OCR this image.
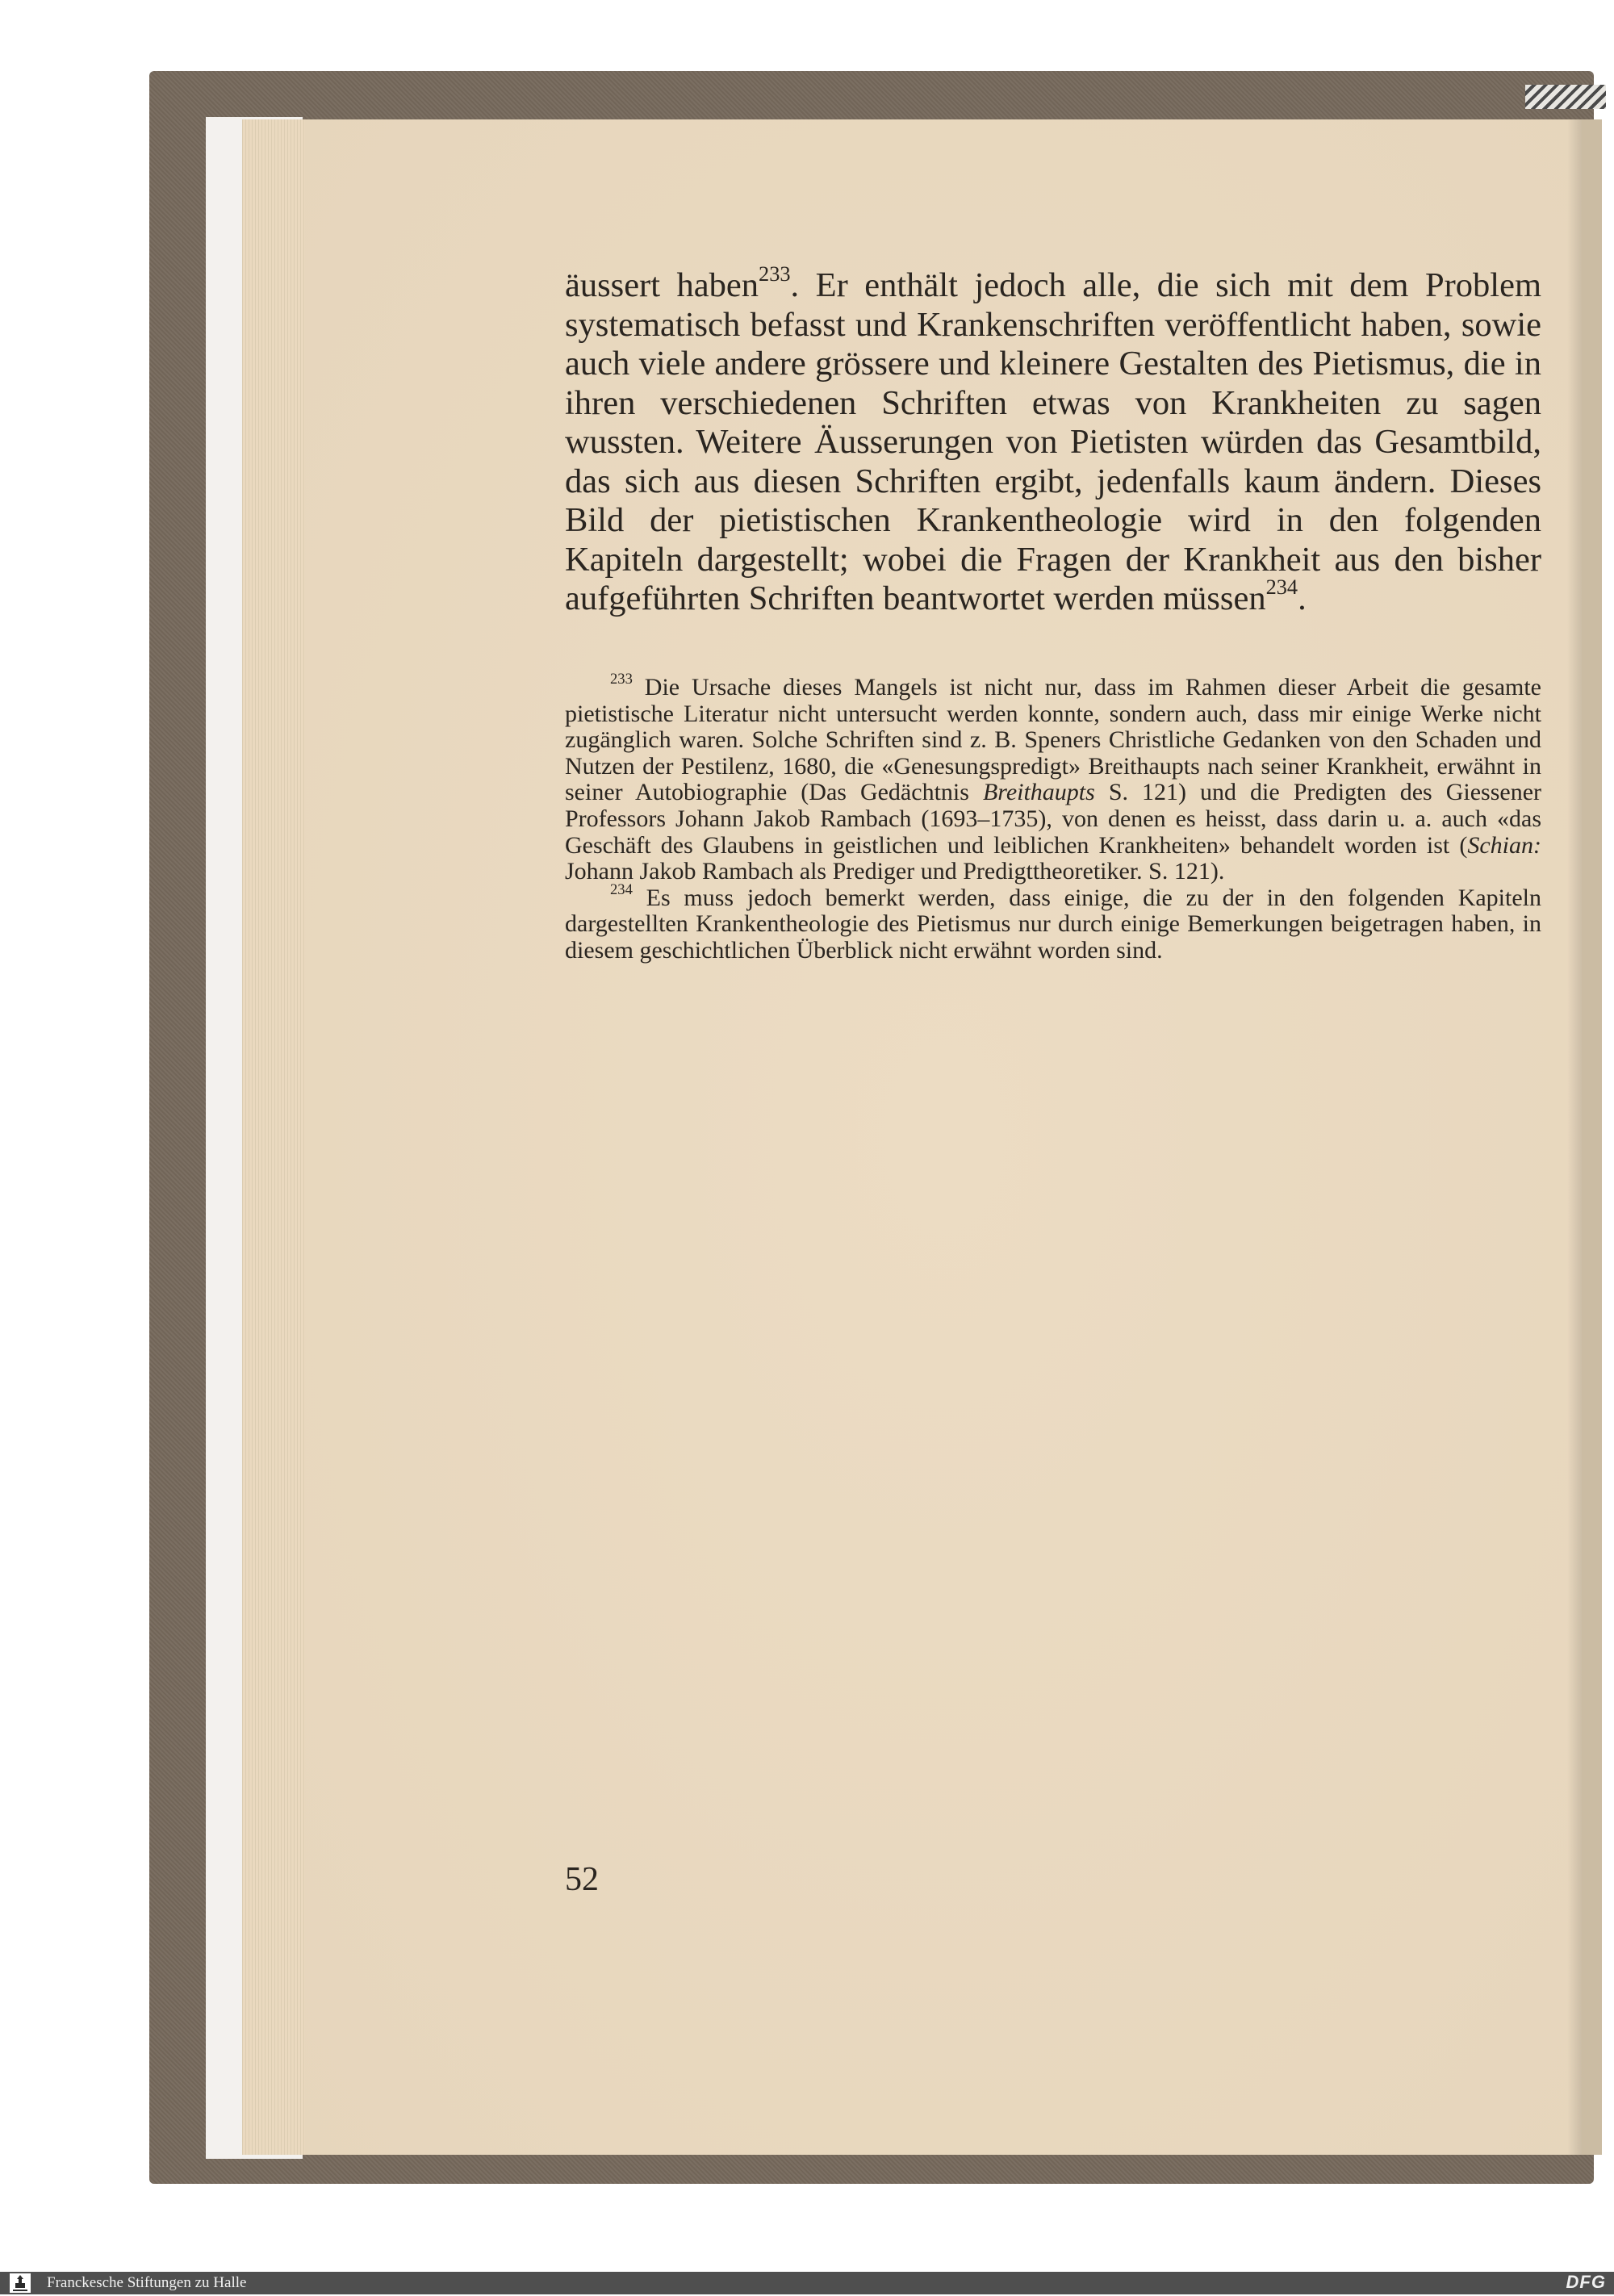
äussert haben$^{233}$. Er enthält jedoch alle, die sich mit dem Problem systematisch befasst und Krankenschriften veröffentlicht haben, sowie auch viele andere grössere und kleinere Gestalten des Pietismus, die in ihren verschiedenen Schriften etwas von Krankheiten zu sagen wussten. Weitere Äusserungen von Pietisten würden das Gesamtbild, das sich aus diesen Schriften ergibt, jedenfalls kaum ändern. Dieses Bild der pietistischen Krankentheologie wird in den folgenden Kapiteln dargestellt; wobei die Fragen der Krankheit aus den bisher aufgeführten Schriften beantwortet werden müssen$^{234}$.

$^{233}$ Die Ursache dieses Mangels ist nicht nur, dass im Rahmen dieser Arbeit die gesamte pietistische Literatur nicht untersucht werden konnte, sondern auch, dass mir einige Werke nicht zugänglich waren. Solche Schriften sind z. B. Speners Christliche Gedanken von den Schaden und Nutzen der Pestilenz, 1680, die «Genesungspredigt» Breithaupts nach seiner Krankheit, erwähnt in seiner Autobiographie (Das Gedächtnis Breithaupts S. 121) und die Predigten des Giessener Professors Johann Jakob Rambach (1693–1735), von denen es heisst, dass darin u. a. auch «das Geschäft des Glaubens in geistlichen und leiblichen Krankheiten» behandelt worden ist (Schian: Johann Jakob Rambach als Prediger und Predigttheoretiker. S. 121).

$^{234}$ Es muss jedoch bemerkt werden, dass einige, die zu der in den folgenden Kapiteln dargestellten Krankentheologie des Pietismus nur durch einige Bemerkungen beigetragen haben, in diesem geschichtlichen Überblick nicht erwähnt worden sind.

52
Franckesche Stiftungen zu Halle	DFG
